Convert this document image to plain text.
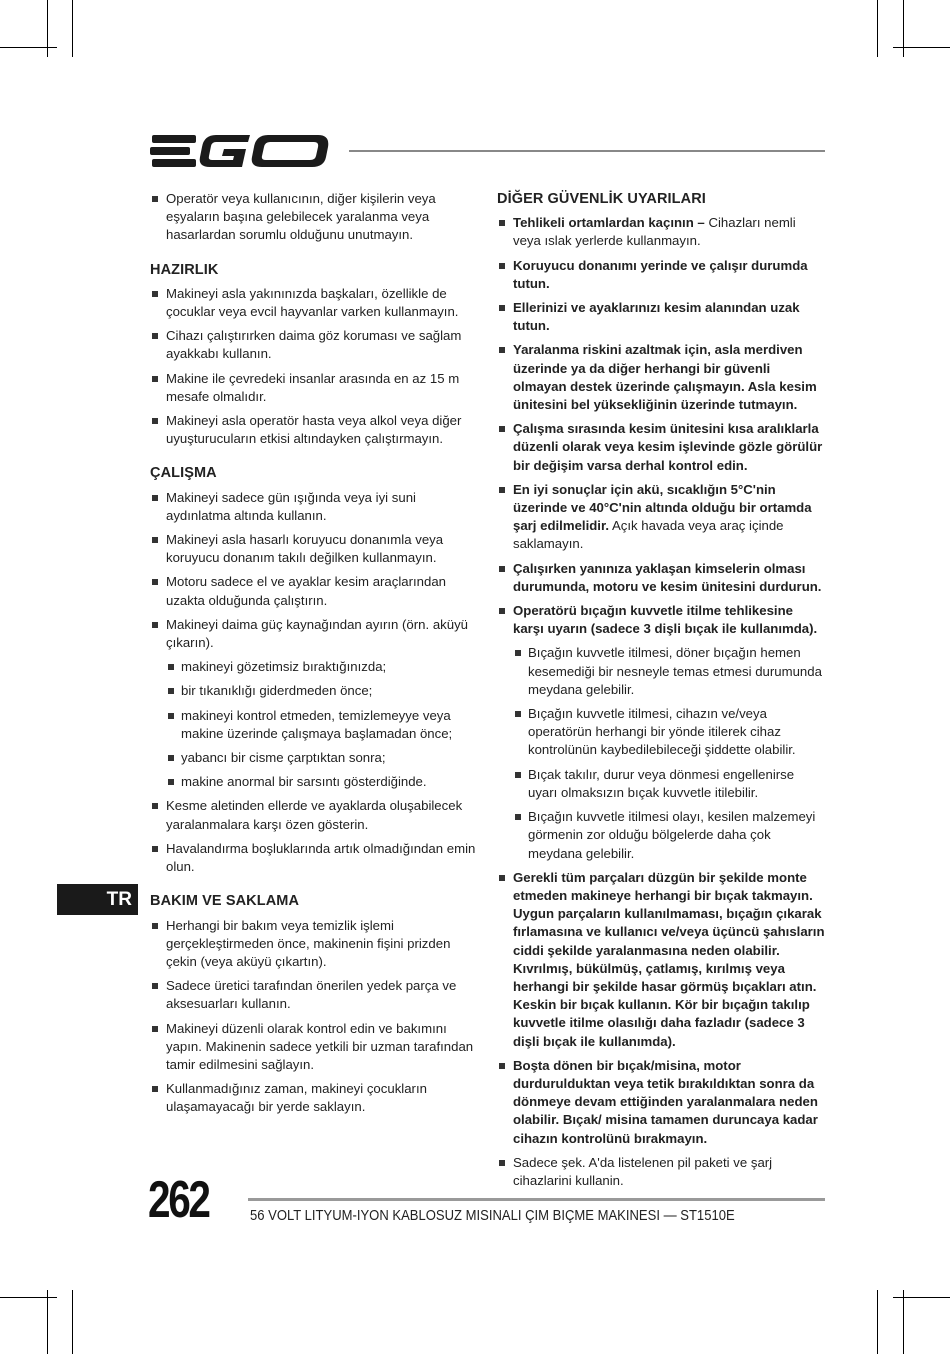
EGO
Operatör veya kullanıcının, diğer kişilerin veya eşyaların başına gelebilecek yaralanma veya hasarlardan sorumlu olduğunu unutmayın.
HAZIRLIK
Makineyi asla yakınınızda başkaları, özellikle de çocuklar veya evcil hayvanlar varken kullanmayın.
Cihazı çalıştırırken daima göz koruması ve sağlam ayakkabı kullanın.
Makine ile çevredeki insanlar arasında en az 15 m mesafe olmalıdır.
Makineyi asla operatör hasta veya alkol veya diğer uyuşturucuların etkisi altındayken çalıştırmayın.
ÇALIŞMA
Makineyi sadece gün ışığında veya iyi suni aydınlatma altında kullanın.
Makineyi asla hasarlı koruyucu donanımla veya koruyucu donanım takılı değilken kullanmayın.
Motoru sadece el ve ayaklar kesim araçlarından uzakta olduğunda çalıştırın.
Makineyi daima güç kaynağından ayırın (örn. aküyü çıkarın).
makineyi gözetimsiz bıraktığınızda;
bir tıkanıklığı giderdmeden önce;
makineyi kontrol etmeden, temizlemeyye veya makine üzerinde çalışmaya başlamadan önce;
yabancı bir cisme çarptıktan sonra;
makine anormal bir sarsıntı gösterdiğinde.
Kesme aletinden ellerde ve ayaklarda oluşabilecek yaralanmalara karşı özen gösterin.
Havalandırma boşluklarında artık olmadığından emin olun.
BAKIM VE SAKLAMA
Herhangi bir bakım veya temizlik işlemi gerçekleştirmeden önce, makinenin fişini prizden çekin (veya aküyü çıkartın).
Sadece üretici tarafından önerilen yedek parça ve aksesuarları kullanın.
Makineyi düzenli olarak kontrol edin ve bakımını yapın. Makinenin sadece yetkili bir uzman tarafından tamir edilmesini sağlayın.
Kullanmadığınız zaman, makineyi çocukların ulaşamayacağı bir yerde saklayın.
DİĞER GÜVENLİK UYARILARI
Tehlikeli ortamlardan kaçının – Cihazları nemli veya ıslak yerlerde kullanmayın.
Koruyucu donanımı yerinde ve çalışır durumda tutun.
Ellerinizi ve ayaklarınızı kesim alanından uzak tutun.
Yaralanma riskini azaltmak için, asla merdiven üzerinde ya da diğer herhangi bir güvenli olmayan destek üzerinde çalışmayın. Asla kesim ünitesini bel yüksekliğinin üzerinde tutmayın.
Çalışma sırasında kesim ünitesini kısa aralıklarla düzenli olarak veya kesim işlevinde gözle görülür bir değişim varsa derhal kontrol edin.
En iyi sonuçlar için akü, sıcaklığın 5°C'nin üzerinde ve 40°C'nin altında olduğu bir ortamda şarj edilmelidir. Açık havada veya araç içinde saklamayın.
Çalışırken yanınıza yaklaşan kimselerin olması durumunda, motoru ve kesim ünitesini durdurun.
Operatörü bıçağın kuvvetle itilme tehlikesine karşı uyarın (sadece 3 dişli bıçak ile kullanımda).
Bıçağın kuvvetle itilmesi, döner bıçağın hemen kesemediği bir nesneyle temas etmesi durumunda meydana gelebilir.
Bıçağın kuvvetle itilmesi, cihazın ve/veya operatörün herhangi bir yönde itilerek cihaz kontrolünün kaybedilebileceği şiddette olabilir.
Bıçak takılır, durur veya dönmesi engellenirse uyarı olmaksızın bıçak kuvvetle itilebilir.
Bıçağın kuvvetle itilmesi olayı, kesilen malzemeyi görmenin zor olduğu bölgelerde daha çok meydana gelebilir.
Gerekli tüm parçaları düzgün bir şekilde monte etmeden makineye herhangi bir bıçak takmayın. Uygun parçaların kullanılmaması, bıçağın çıkarak fırlamasına ve kullanıcı ve/veya üçüncü şahısların ciddi şekilde yaralanmasına neden olabilir. Kıvrılmış, bükülmüş, çatlamış, kırılmış veya herhangi bir şekilde hasar görmüş bıçakları atın. Keskin bir bıçak kullanın. Kör bir bıçağın takılıp kuvvetle itilme olasılığı daha fazladır (sadece 3 dişli bıçak ile kullanımda).
Boşta dönen bir bıçak/misina, motor durdurulduktan veya tetik bırakıldıktan sonra da dönmeye devam ettiğinden yaralanmalara neden olabilir. Bıçak/ misina tamamen duruncaya kadar cihazın kontrolünü bırakmayın.
Sadece şek. A'da listelenen pil paketi ve şarj cihazlarini kullanin.
TR
262	56 VOLT LITYUM-IYON KABLOSUZ MISINALI ÇIM BIÇME MAKINESI — ST1510E
